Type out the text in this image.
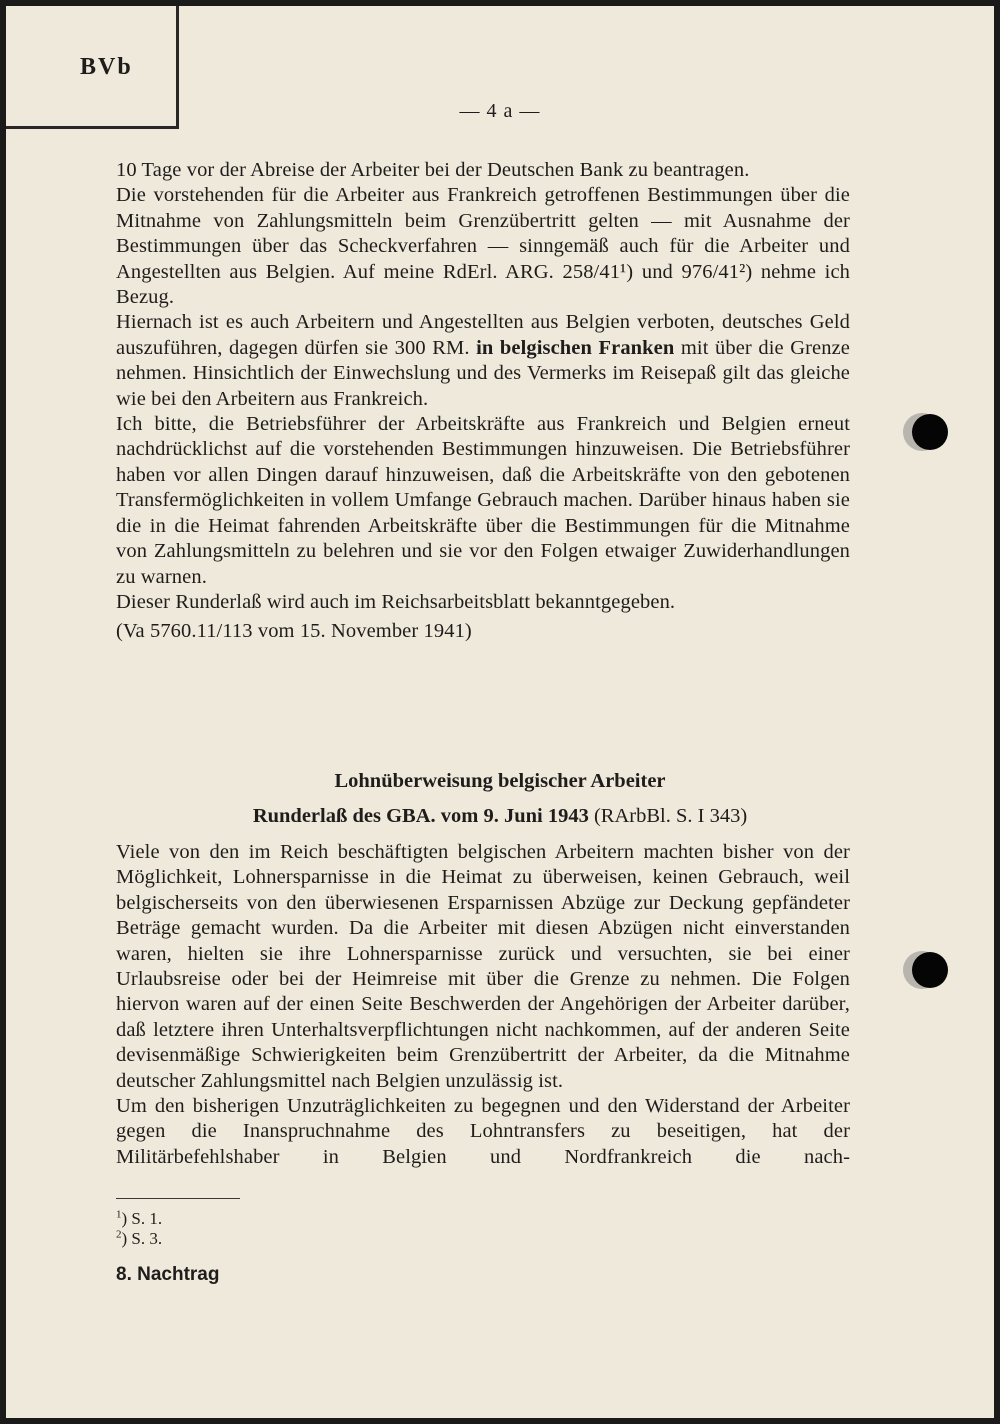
BVb
— 4 a —

10 Tage vor der Abreise der Arbeiter bei der Deutschen Bank zu beantragen.

Die vorstehenden für die Arbeiter aus Frankreich getroffenen Bestimmungen über die Mitnahme von Zahlungsmitteln beim Grenzübertritt gelten — mit Ausnahme der Bestimmungen über das Scheckverfahren — sinngemäß auch für die Arbeiter und Angestellten aus Belgien. Auf meine RdErl. ARG. 258/41¹) und 976/41²) nehme ich Bezug.

Hiernach ist es auch Arbeitern und Angestellten aus Belgien verboten, deutsches Geld auszuführen, dagegen dürfen sie 300 RM. in belgischen Franken mit über die Grenze nehmen. Hinsichtlich der Einwechslung und des Vermerks im Reisepaß gilt das gleiche wie bei den Arbeitern aus Frankreich.

Ich bitte, die Betriebsführer der Arbeitskräfte aus Frankreich und Belgien erneut nachdrücklichst auf die vorstehenden Bestimmungen hinzuweisen. Die Betriebsführer haben vor allen Dingen darauf hinzuweisen, daß die Arbeitskräfte von den gebotenen Transfermöglichkeiten in vollem Umfange Gebrauch machen. Darüber hinaus haben sie die in die Heimat fahrenden Arbeitskräfte über die Bestimmungen für die Mitnahme von Zahlungsmitteln zu belehren und sie vor den Folgen etwaiger Zuwiderhandlungen zu warnen.

Dieser Runderlaß wird auch im Reichsarbeitsblatt bekanntgegeben.

(Va 5760.11/113 vom 15. November 1941)

Lohnüberweisung belgischer Arbeiter
Runderlaß des GBA. vom 9. Juni 1943 (RArbBl. S. I 343)

Viele von den im Reich beschäftigten belgischen Arbeitern machten bisher von der Möglichkeit, Lohnersparnisse in die Heimat zu überweisen, keinen Gebrauch, weil belgischerseits von den überwiesenen Ersparnissen Abzüge zur Deckung gepfändeter Beträge gemacht wurden. Da die Arbeiter mit diesen Abzügen nicht einverstanden waren, hielten sie ihre Lohnersparnisse zurück und versuchten, sie bei einer Urlaubsreise oder bei der Heimreise mit über die Grenze zu nehmen. Die Folgen hiervon waren auf der einen Seite Beschwerden der Angehörigen der Arbeiter darüber, daß letztere ihren Unterhaltsverpflichtungen nicht nachkommen, auf der anderen Seite devisenmäßige Schwierigkeiten beim Grenzübertritt der Arbeiter, da die Mitnahme deutscher Zahlungsmittel nach Belgien unzulässig ist.

Um den bisherigen Unzuträglichkeiten zu begegnen und den Widerstand der Arbeiter gegen die Inanspruchnahme des Lohntransfers zu beseitigen, hat der Militärbefehlshaber in Belgien und Nordfrankreich die nach-

$^1$) S. 1.
$^2$) S. 3.
8. Nachtrag
